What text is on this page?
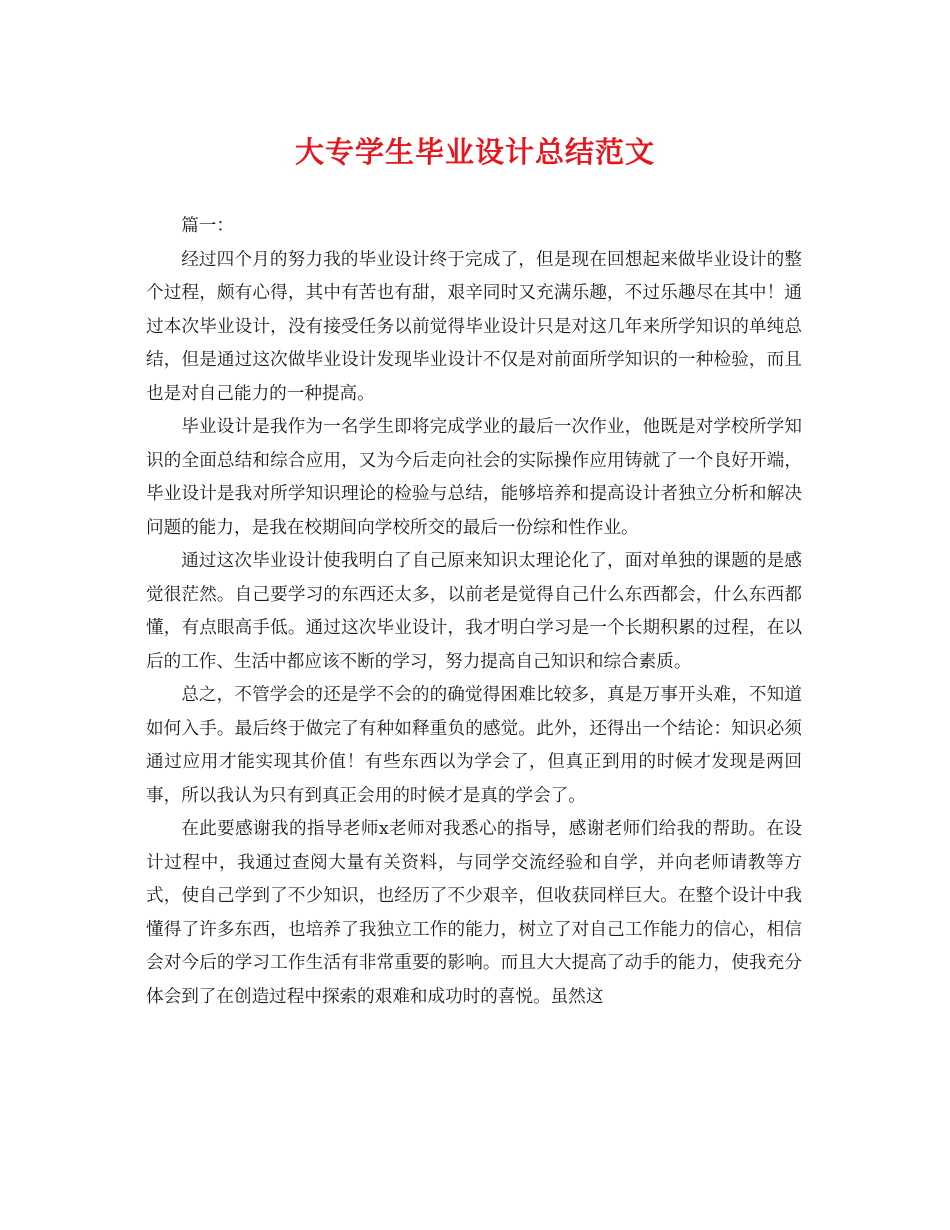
大专学生毕业设计总结范文

篇一：

经过四个月的努力我的毕业设计终于完成了，但是现在回想起来做毕业设计的整个过程，颇有心得，其中有苦也有甜，艰辛同时又充满乐趣，不过乐趣尽在其中！通过本次毕业设计，没有接受任务以前觉得毕业设计只是对这几年来所学知识的单纯总结，但是通过这次做毕业设计发现毕业设计不仅是对前面所学知识的一种检验，而且也是对自己能力的一种提高。

毕业设计是我作为一名学生即将完成学业的最后一次作业，他既是对学校所学知识的全面总结和综合应用，又为今后走向社会的实际操作应用铸就了一个良好开端，毕业设计是我对所学知识理论的检验与总结，能够培养和提高设计者独立分析和解决问题的能力，是我在校期间向学校所交的最后一份综和性作业。

通过这次毕业设计使我明白了自己原来知识太理论化了，面对单独的课题的是感觉很茫然。自己要学习的东西还太多，以前老是觉得自己什么东西都会，什么东西都懂，有点眼高手低。通过这次毕业设计，我才明白学习是一个长期积累的过程，在以后的工作、生活中都应该不断的学习，努力提高自己知识和综合素质。

总之，不管学会的还是学不会的的确觉得困难比较多，真是万事开头难，不知道如何入手。最后终于做完了有种如释重负的感觉。此外，还得出一个结论：知识必须通过应用才能实现其价值！有些东西以为学会了，但真正到用的时候才发现是两回事，所以我认为只有到真正会用的时候才是真的学会了。

在此要感谢我的指导老师x老师对我悉心的指导，感谢老师们给我的帮助。在设计过程中，我通过查阅大量有关资料，与同学交流经验和自学，并向老师请教等方式，使自己学到了不少知识，也经历了不少艰辛，但收获同样巨大。在整个设计中我懂得了许多东西，也培养了我独立工作的能力，树立了对自己工作能力的信心，相信会对今后的学习工作生活有非常重要的影响。而且大大提高了动手的能力，使我充分体会到了在创造过程中探索的艰难和成功时的喜悦。虽然这
